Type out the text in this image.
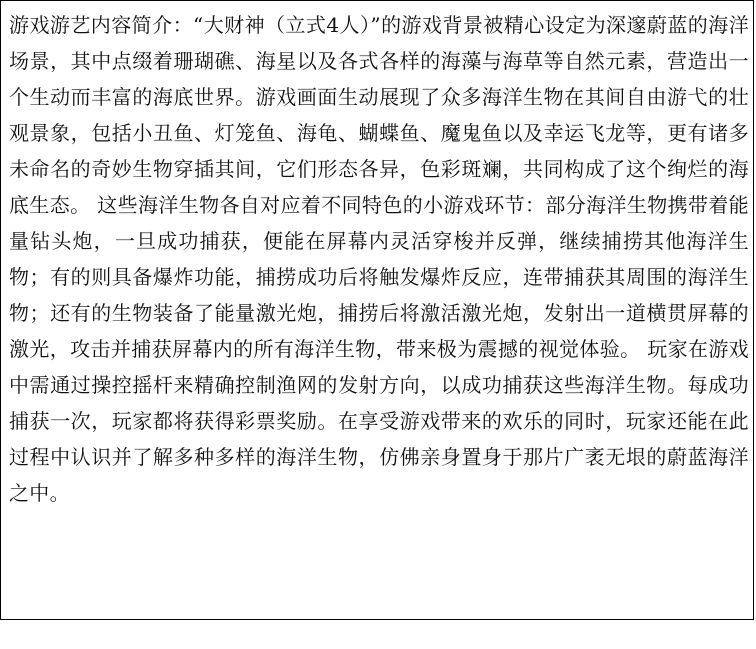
游戏游艺内容简介：“大财神（立式4人）”的游戏背景被精心设定为深邃蔚蓝的海洋场景，其中点缀着珊瑚礁、海星以及各式各样的海藻与海草等自然元素，营造出一个生动而丰富的海底世界。游戏画面生动展现了众多海洋生物在其间自由游弋的壮观景象，包括小丑鱼、灯笼鱼、海龟、蝴蝶鱼、魔鬼鱼以及幸运飞龙等，更有诸多未命名的奇妙生物穿插其间，它们形态各异，色彩斑斓，共同构成了这个绚烂的海底生态。 这些海洋生物各自对应着不同特色的小游戏环节：部分海洋生物携带着能量钻头炮，一旦成功捕获，便能在屏幕内灵活穿梭并反弹，继续捕捞其他海洋生物；有的则具备爆炸功能，捕捞成功后将触发爆炸反应，连带捕获其周围的海洋生物；还有的生物装备了能量激光炮，捕捞后将激活激光炮，发射出一道横贯屏幕的激光，攻击并捕获屏幕内的所有海洋生物，带来极为震撼的视觉体验。 玩家在游戏中需通过操控摇杆来精确控制渔网的发射方向，以成功捕获这些海洋生物。每成功捕获一次，玩家都将获得彩票奖励。在享受游戏带来的欢乐的同时，玩家还能在此过程中认识并了解多种多样的海洋生物，仿佛亲身置身于那片广袤无垠的蔚蓝海洋之中。
